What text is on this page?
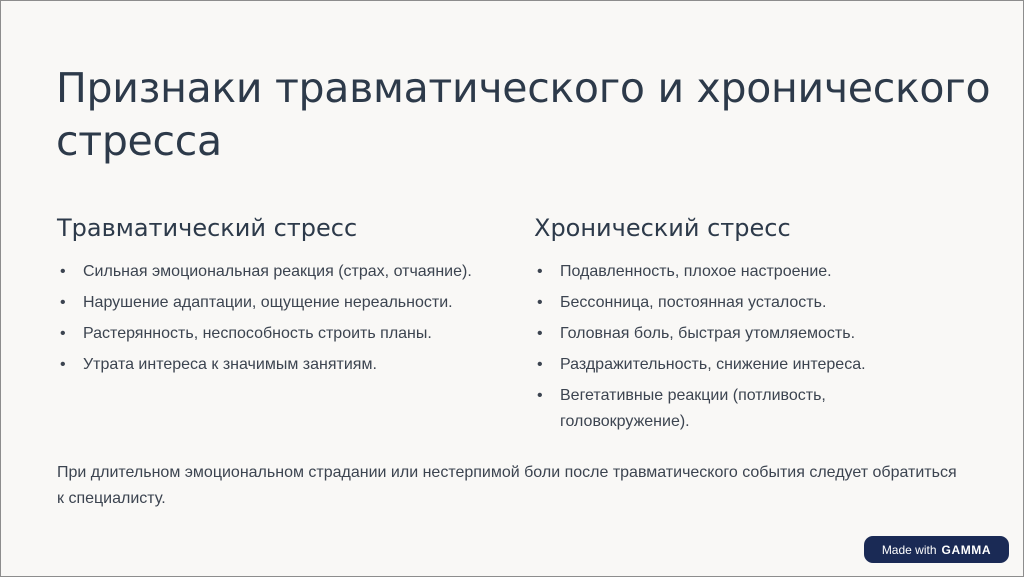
Признаки травматического и хронического стресса
Травматический стресс
• Сильная эмоциональная реакция (страх, отчаяние).
• Нарушение адаптации, ощущение нереальности.
• Растерянность, неспособность строить планы.
• Утрата интереса к значимым занятиям.
Хронический стресс
• Подавленность, плохое настроение.
• Бессонница, постоянная усталость.
• Головная боль, быстрая утомляемость.
• Раздражительность, снижение интереса.
• Вегетативные реакции (потливость, головокружение).

При длительном эмоциональном страдании или нестерпимой боли после травматического события следует обратиться к специалисту.

Made with GAMMA
